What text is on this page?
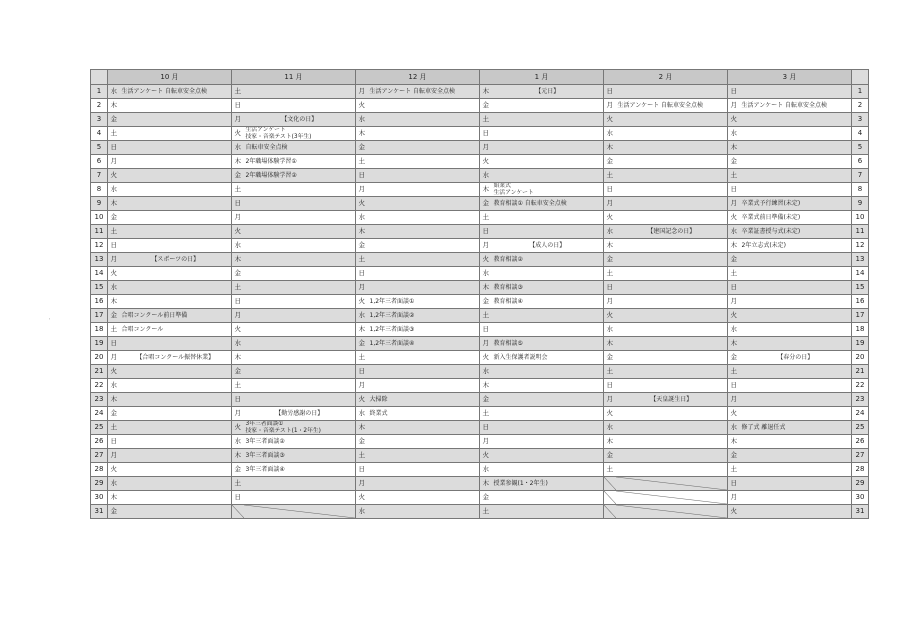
'
	10 月		11 月		12 月		1 月		2 月		3 月		
1	水	生活アンケート 自転車安全点検	土		月	生活アンケート 自転車安全点検	木	【元日】	日		日		1
2	木		日		火		金		月	生活アンケート 自転車安全点検	月	生活アンケート 自転車安全点検	2
3	金		月	【文化の日】	水		土		火		火		3
4	土		火	生活アンケート
技家・音楽テスト(3年生)	木		日		水		水		4
5	日		水	自転車安全点検	金		月		木		木		5
6	月		木	2年職場体験学習①	土		火		金		金		6
7	火		金	2年職場体験学習②	日		水		土		土		7
8	水		土		月		木	始業式
生活アンケート	日		日		8
9	木		日		火		金	教育相談① 自転車安全点検	月		月	卒業式予行練習(未定)	9
10	金		月		水		土		火		火	卒業式前日準備(未定)	10
11	土		火		木		日		水	【建国記念の日】	水	卒業証書授与式(未定)	11
12	日		水		金		月	【成人の日】	木		木	2年立志式(未定)	12
13	月	【スポーツの日】	木		土		火	教育相談②	金		金		13
14	火		金		日		水		土		土		14
15	水		土		月		木	教育相談③	日		日		15
16	木		日		火	1,2年三者面談①	金	教育相談④	月		月		16
17	金	合唱コンクール前日準備	月		水	1,2年三者面談②	土		火		火		17
18	土	合唱コンクール	火		木	1,2年三者面談③	日		水		水		18
19	日		水		金	1,2年三者面談④	月	教育相談⑤	木		木		19
20	月	【合唱コンクール振替休業】	木		土		火	新入生保護者説明会	金		金	【春分の日】	20
21	火		金		日		水		土		土		21
22	水		土		月		木		日		日		22
23	木		日		火	大掃除	金		月	【天皇誕生日】	月		23
24	金		月	【勤労感謝の日】	水	終業式	土		火		火		24
25	土		火	3年三者面談①
技家・音楽テスト(1・2年生)	木		日		水		水	修了式 離退任式	25
26	日		水	3年三者面談②	金		月		木		木		26
27	月		木	3年三者面談③	土		火		金		金		27
28	火		金	3年三者面談④	日		水		土		土		28
29	水		土		月		木	授業参観(1・2年生)			日		29
30	木		日		火		金				月		30
31	金				水		土				火		31
